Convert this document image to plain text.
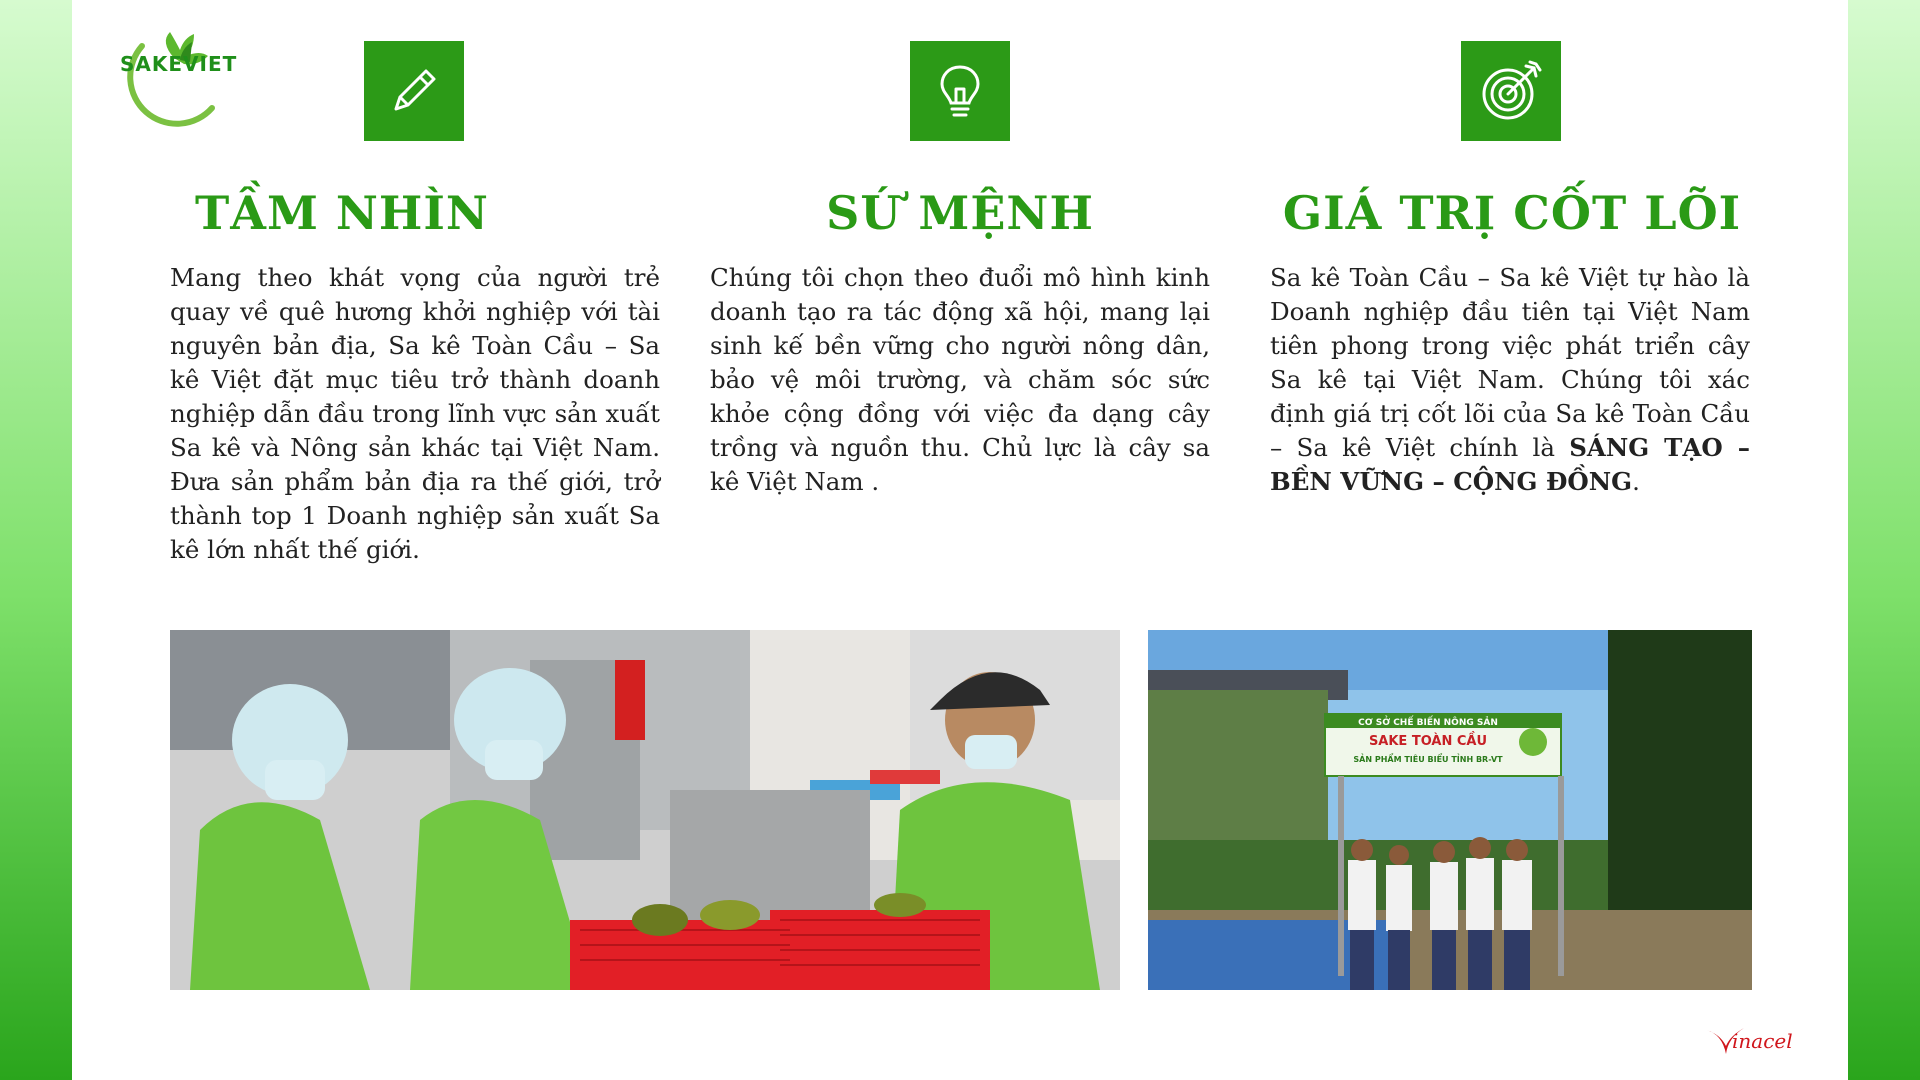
SAKEVIET
TẦM NHÌN	SỨ MỆNH	GIÁ TRỊ CỐT LÕI
Mang theo khát vọng của người trẻ quay về quê hương khởi nghiệp với tài nguyên bản địa, Sa kê Toàn Cầu – Sa kê Việt đặt mục tiêu trở thành doanh nghiệp dẫn đầu trong lĩnh vực sản xuất Sa kê và Nông sản khác tại Việt Nam. Đưa sản phẩm bản địa ra thế giới, trở thành top 1 Doanh nghiệp sản xuất Sa kê lớn nhất thế giới.
Chúng tôi chọn theo đuổi mô hình kinh doanh tạo ra tác động xã hội, mang lại sinh kế bền vững cho người nông dân, bảo vệ môi trường, và chăm sóc sức khỏe cộng đồng với việc đa dạng cây trồng và nguồn thu. Chủ lực là cây sa kê Việt Nam .
Sa kê Toàn Cầu – Sa kê Việt tự hào là Doanh nghiệp đầu tiên tại Việt Nam tiên phong trong việc phát triển cây Sa kê tại Việt Nam. Chúng tôi xác định giá trị cốt lõi của Sa kê Toàn Cầu – Sa kê Việt chính là SÁNG TẠO – BỀN VỮNG – CỘNG ĐỒNG.
CƠ SỞ CHẾ BIẾN NÔNG SẢN
SAKE TOÀN CẦU
SẢN PHẨM TIÊU BIỂU TỈNH BR-VT
inacel
